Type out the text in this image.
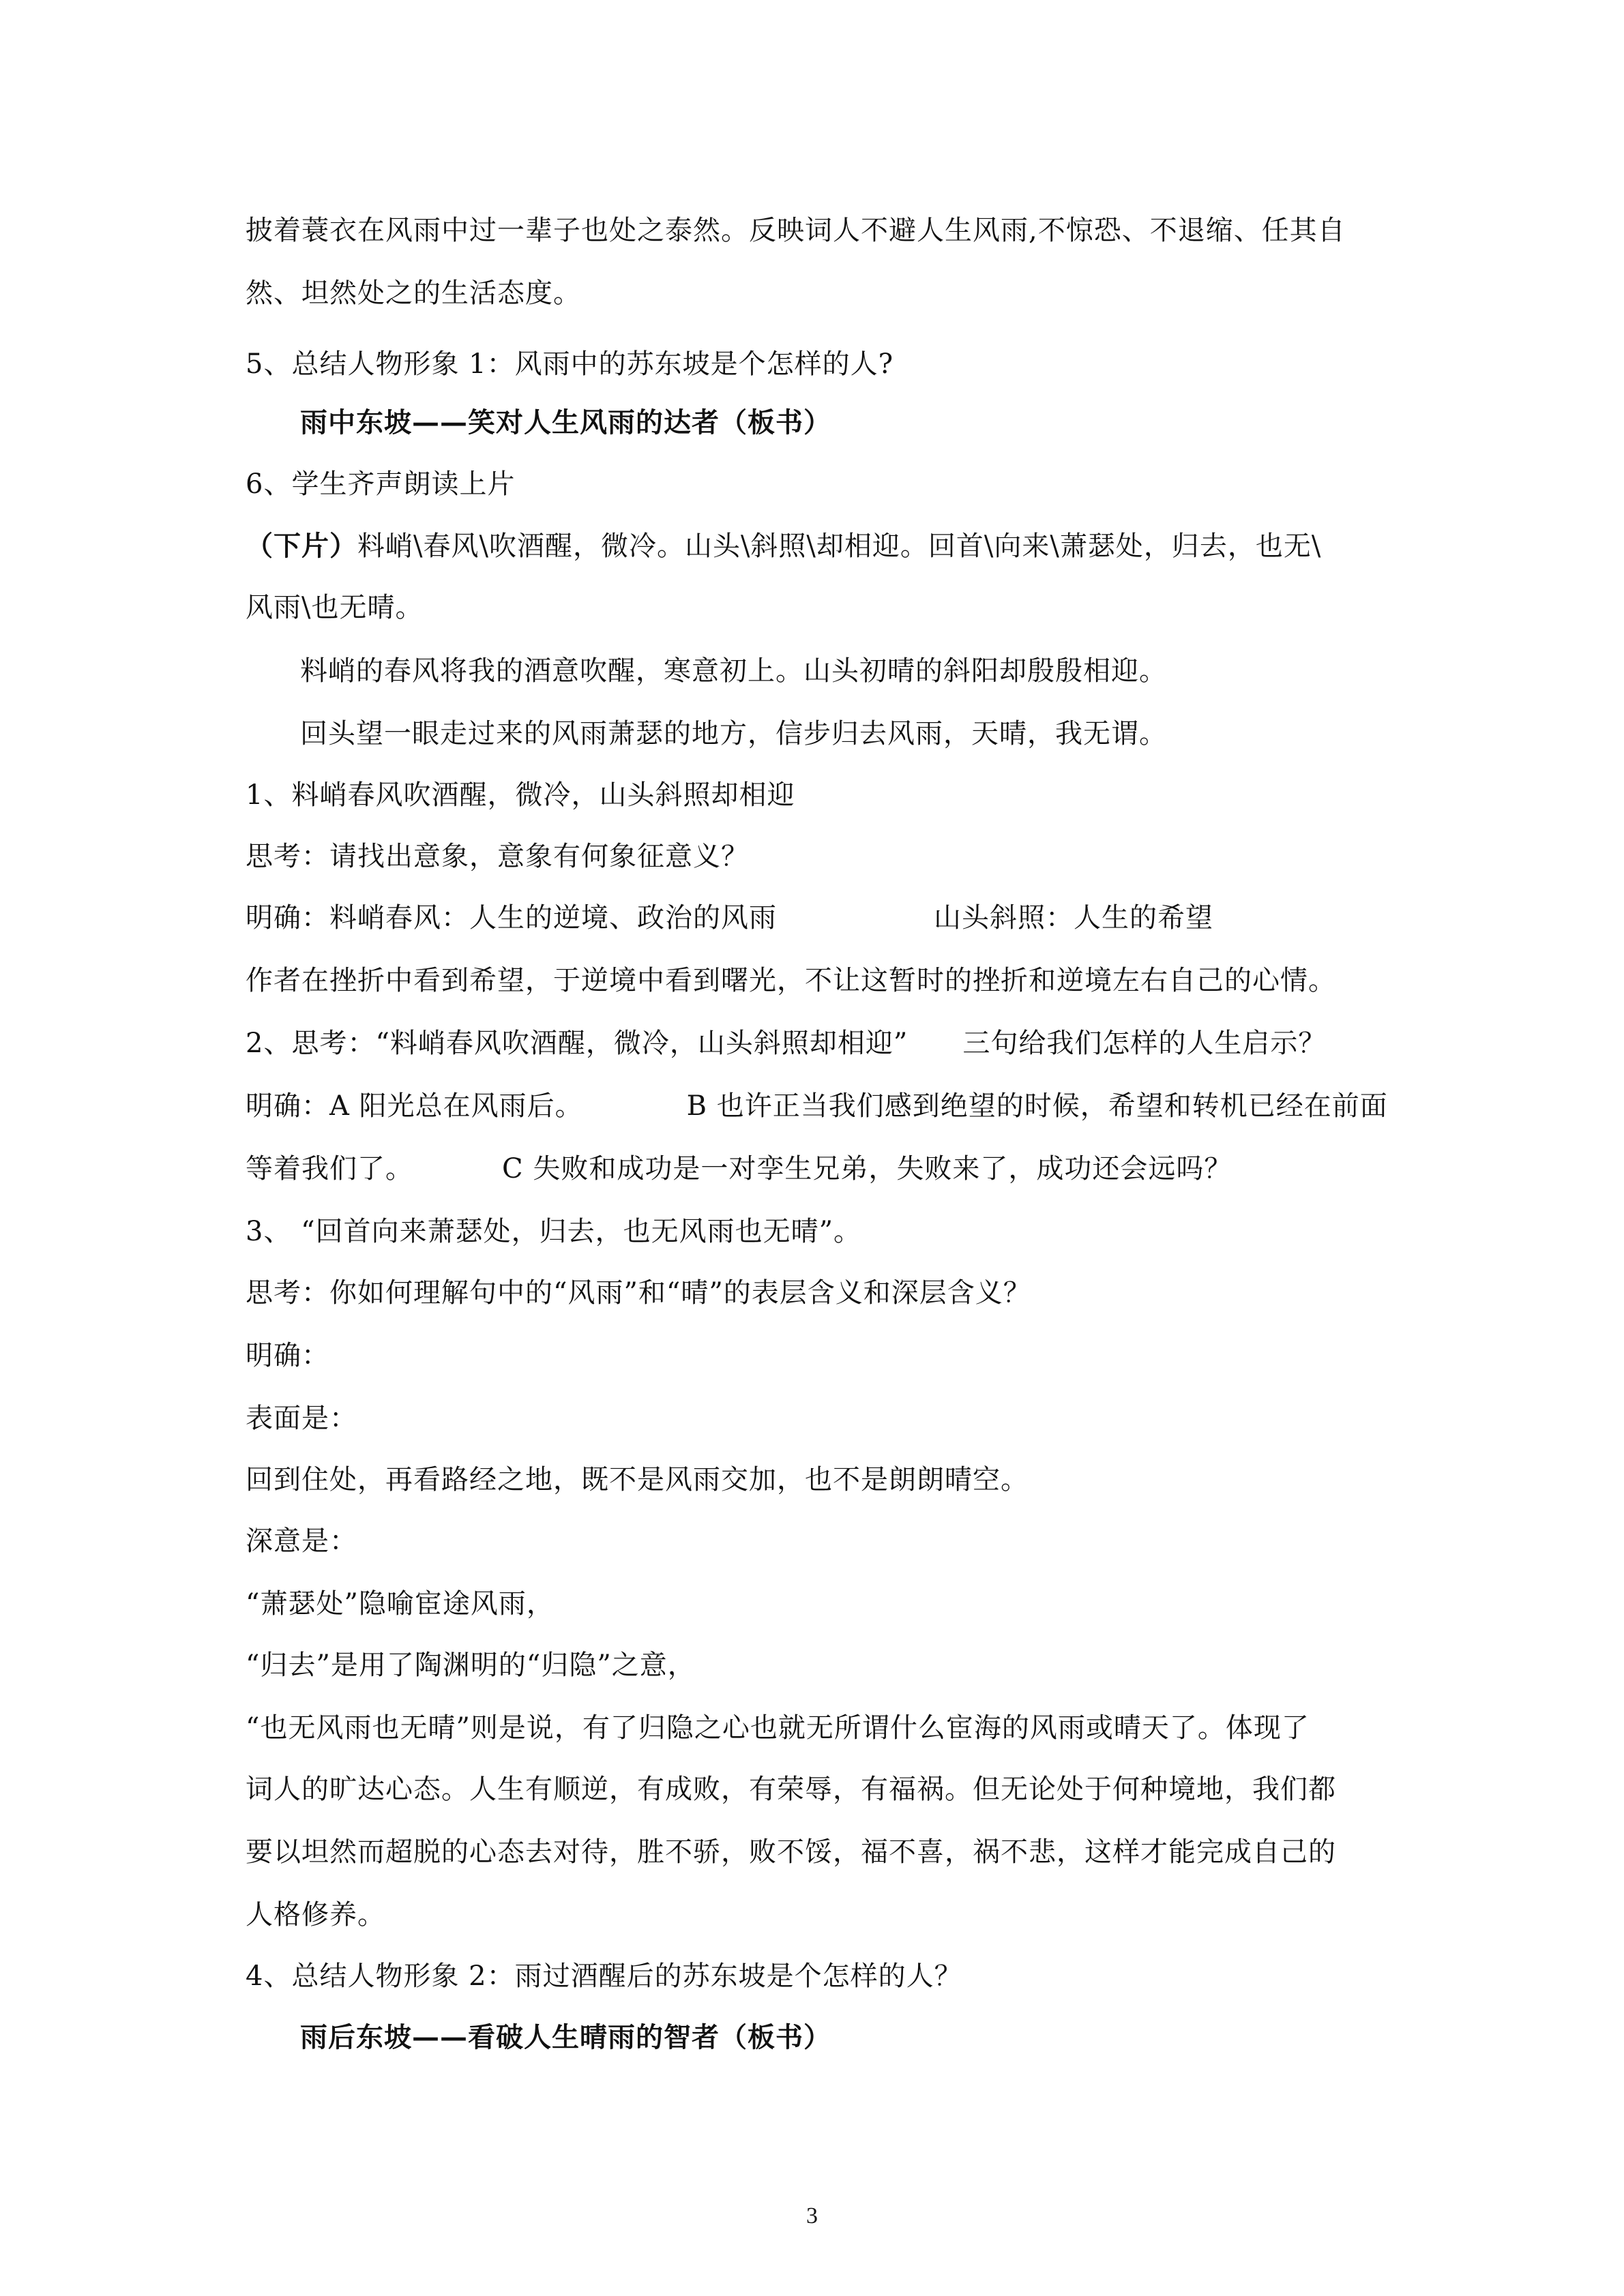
披着蓑衣在风雨中过一辈子也处之泰然。反映词人不避人生风雨,不惊恐、不退缩、任其自
然、坦然处之的生活态度。
5、总结人物形象 1：风雨中的苏东坡是个怎样的人?
雨中东坡——笑对人生风雨的达者（板书）
6、学生齐声朗读上片
（下片）料峭\春风\吹酒醒，微冷。山头\斜照\却相迎。回首\向来\萧瑟处，归去，也无\
风雨\也无晴。
料峭的春风将我的酒意吹醒，寒意初上。山头初晴的斜阳却殷殷相迎。
回头望一眼走过来的风雨萧瑟的地方，信步归去风雨，天晴，我无谓。
1、料峭春风吹酒醒，微冷，山头斜照却相迎
思考：请找出意象，意象有何象征意义？
明确：料峭春风：人生的逆境、政治的风雨	山头斜照：人生的希望
作者在挫折中看到希望，于逆境中看到曙光，不让这暂时的挫折和逆境左右自己的心情。
2、思考：“料峭春风吹酒醒，微冷，山头斜照却相迎” 三句给我们怎样的人生启示？
明确：A 阳光总在风雨后。	B 也许正当我们感到绝望的时候，希望和转机已经在前面
等着我们了。	C 失败和成功是一对孪生兄弟，失败来了，成功还会远吗？
3、 “回首向来萧瑟处，归去，也无风雨也无晴”。
思考：你如何理解句中的“风雨”和“晴”的表层含义和深层含义？
明确：
表面是：
回到住处，再看路经之地，既不是风雨交加，也不是朗朗晴空。
深意是：
“萧瑟处”隐喻宦途风雨，
“归去”是用了陶渊明的“归隐”之意，
“也无风雨也无晴”则是说，有了归隐之心也就无所谓什么宦海的风雨或晴天了。体现了
词人的旷达心态。人生有顺逆，有成败，有荣辱，有福祸。但无论处于何种境地，我们都
要以坦然而超脱的心态去对待，胜不骄，败不馁，福不喜，祸不悲，这样才能完成自己的
人格修养。
4、总结人物形象 2：雨过酒醒后的苏东坡是个怎样的人？
雨后东坡——看破人生晴雨的智者（板书）
3
